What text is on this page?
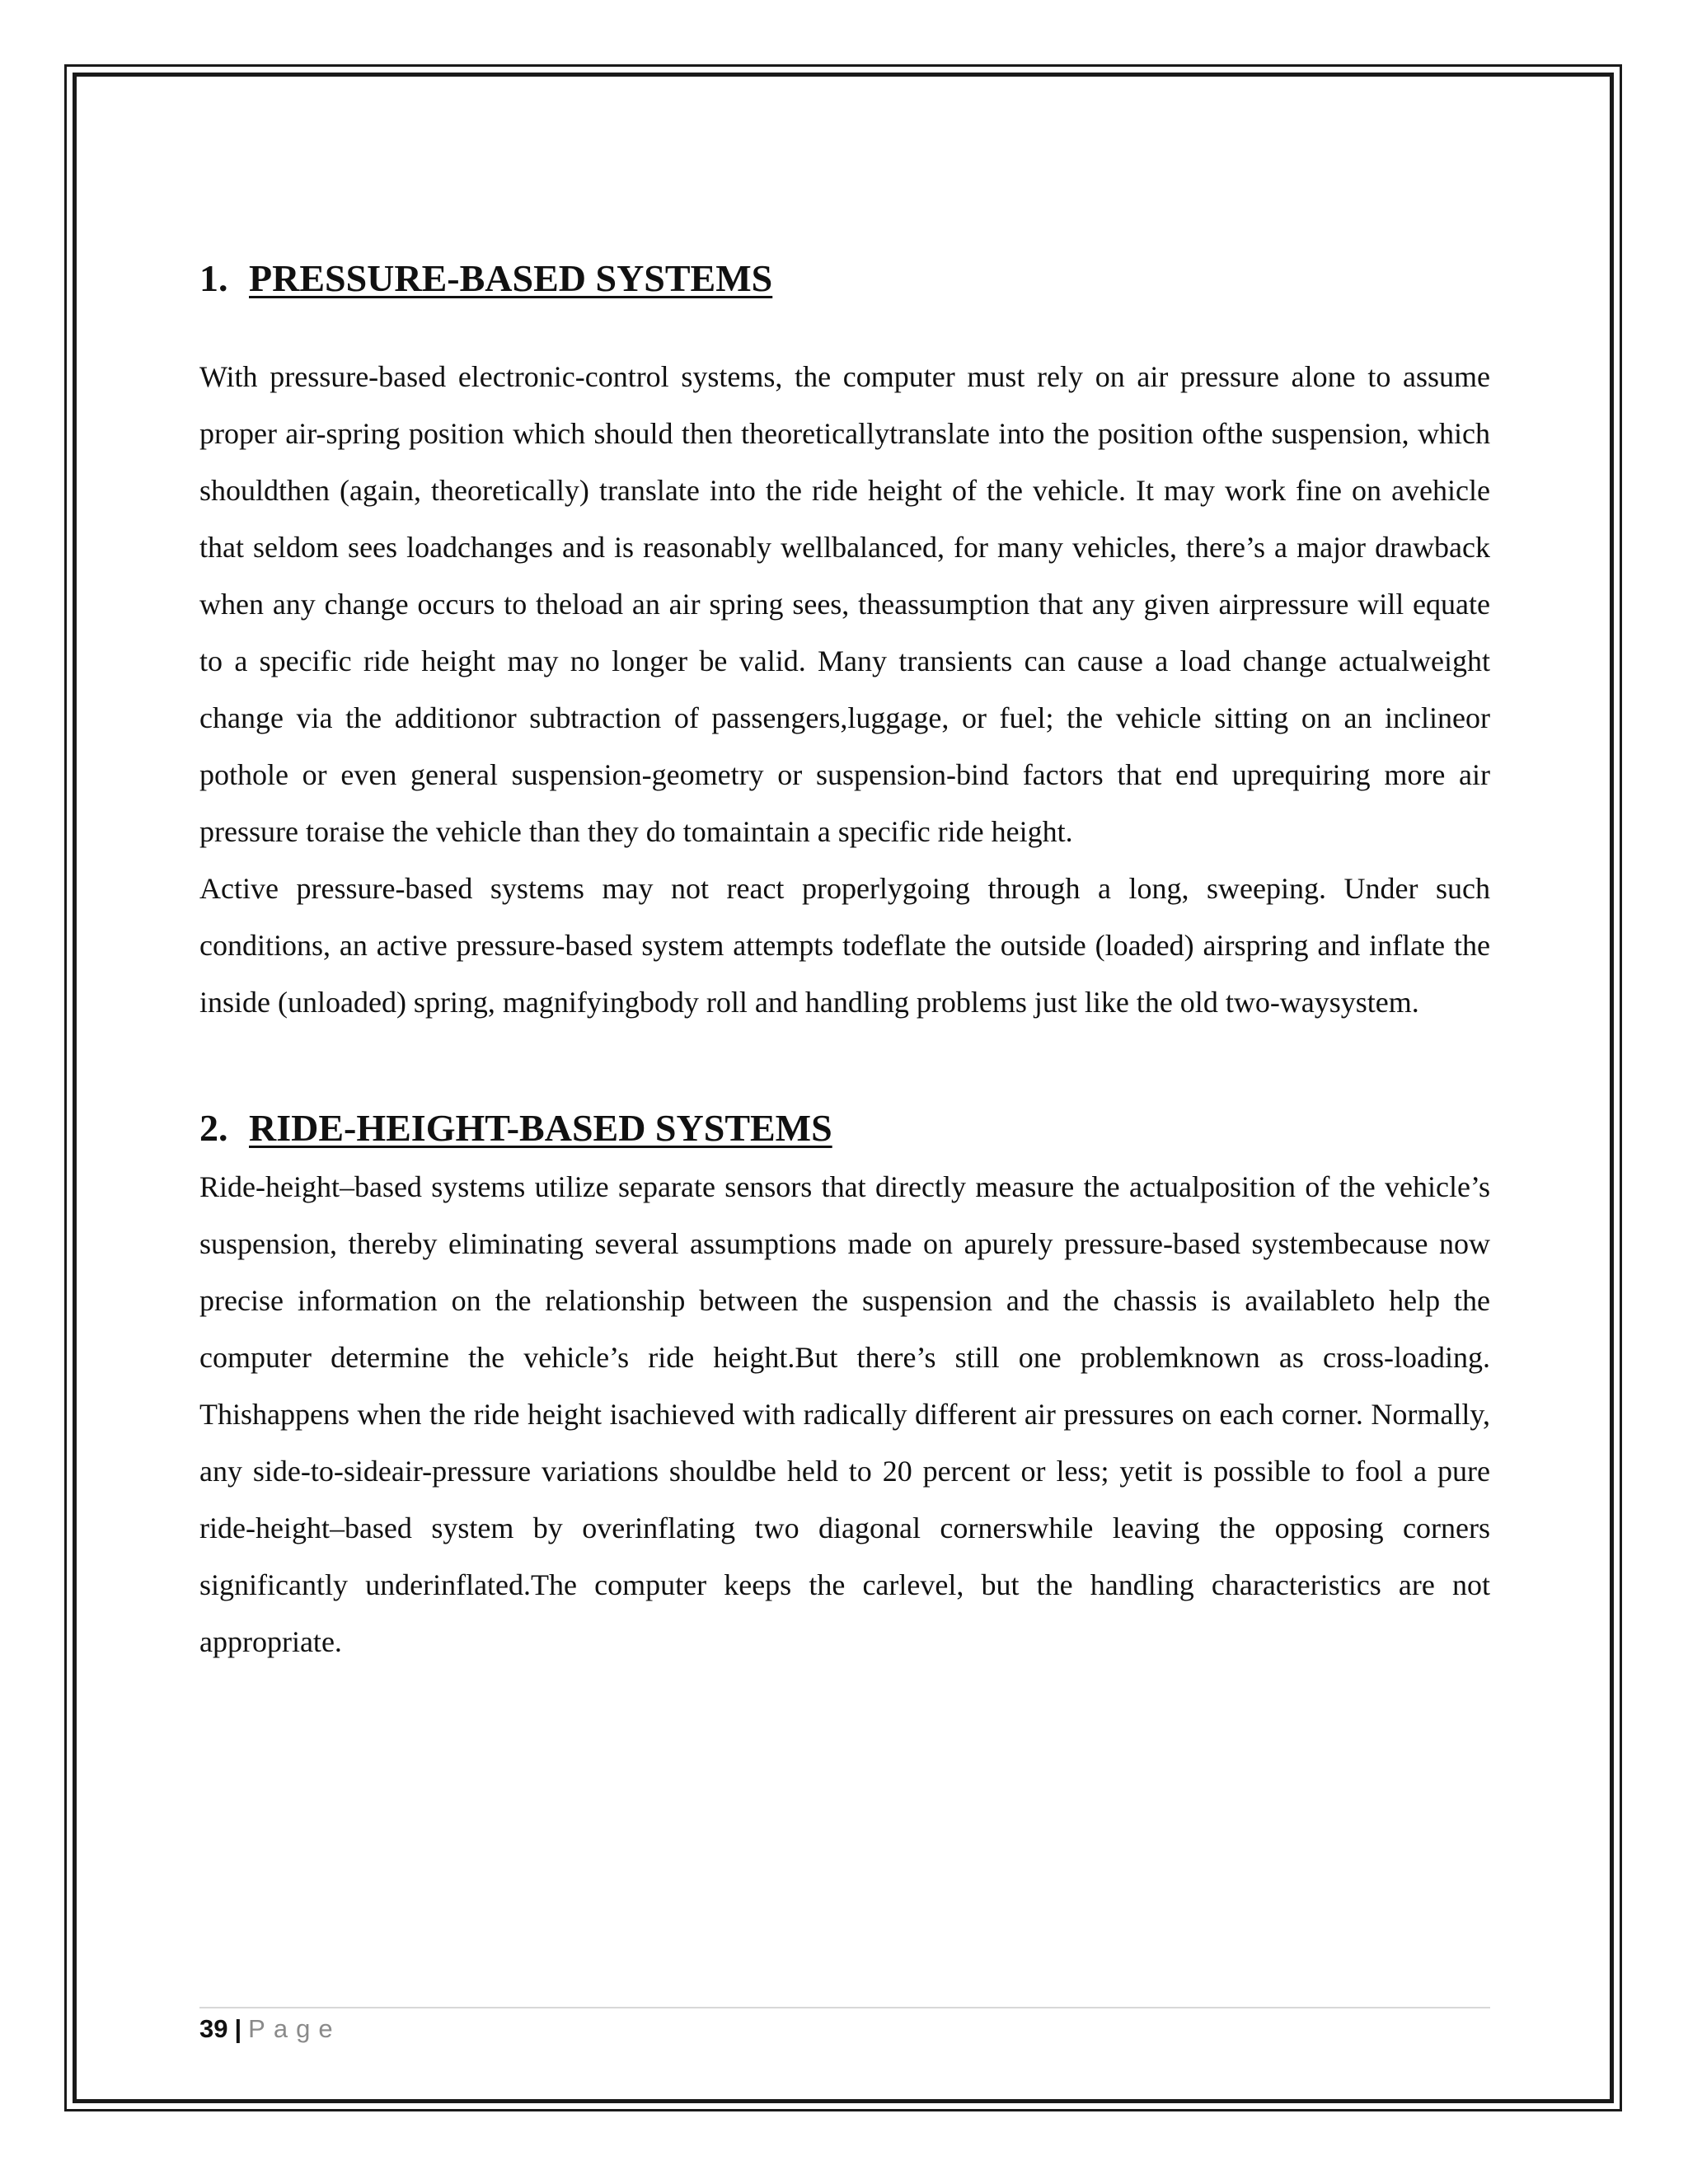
1. PRESSURE-BASED SYSTEMS

With pressure-based electronic-control systems, the computer must rely on air pressure alone to assume proper air-spring position which should then theoreticallytranslate into the position ofthe suspension, which shouldthen (again, theoretically) translate into the ride height of the vehicle. It may work fine on avehicle that seldom sees loadchanges and is reasonably wellbalanced, for many vehicles, there’s a major drawback when any change occurs to theload an air spring sees, theassumption that any given airpressure will equate to a specific ride height may no longer be valid. Many transients can cause a load change actualweight change via the additionor subtraction of passengers,luggage, or fuel; the vehicle sitting on an inclineor pothole or even general suspension-geometry or suspension-bind factors that end uprequiring more air pressure toraise the vehicle than they do tomaintain a specific ride height.

Active pressure-based systems may not react properlygoing through a long, sweeping. Under such conditions, an active pressure-based system attempts todeflate the outside (loaded) airspring and inflate the inside (unloaded) spring, magnifyingbody roll and handling problems just like the old two-waysystem.

2. RIDE-HEIGHT-BASED SYSTEMS

Ride-height–based systems utilize separate sensors that directly measure the actualposition of the vehicle’s suspension, thereby eliminating several assumptions made on apurely pressure-based systembecause now precise information on the relationship between the suspension and the chassis is availableto help the computer determine the vehicle’s ride height.But there’s still one problemknown as cross-loading. Thishappens when the ride height isachieved with radically different air pressures on each corner. Normally, any side-to-sideair-pressure variations shouldbe held to 20 percent or less; yetit is possible to fool a pure ride-height–based system by overinflating two diagonal cornerswhile leaving the opposing corners significantly underinflated.The computer keeps the carlevel, but the handling characteristics are not appropriate.

39 | Page
